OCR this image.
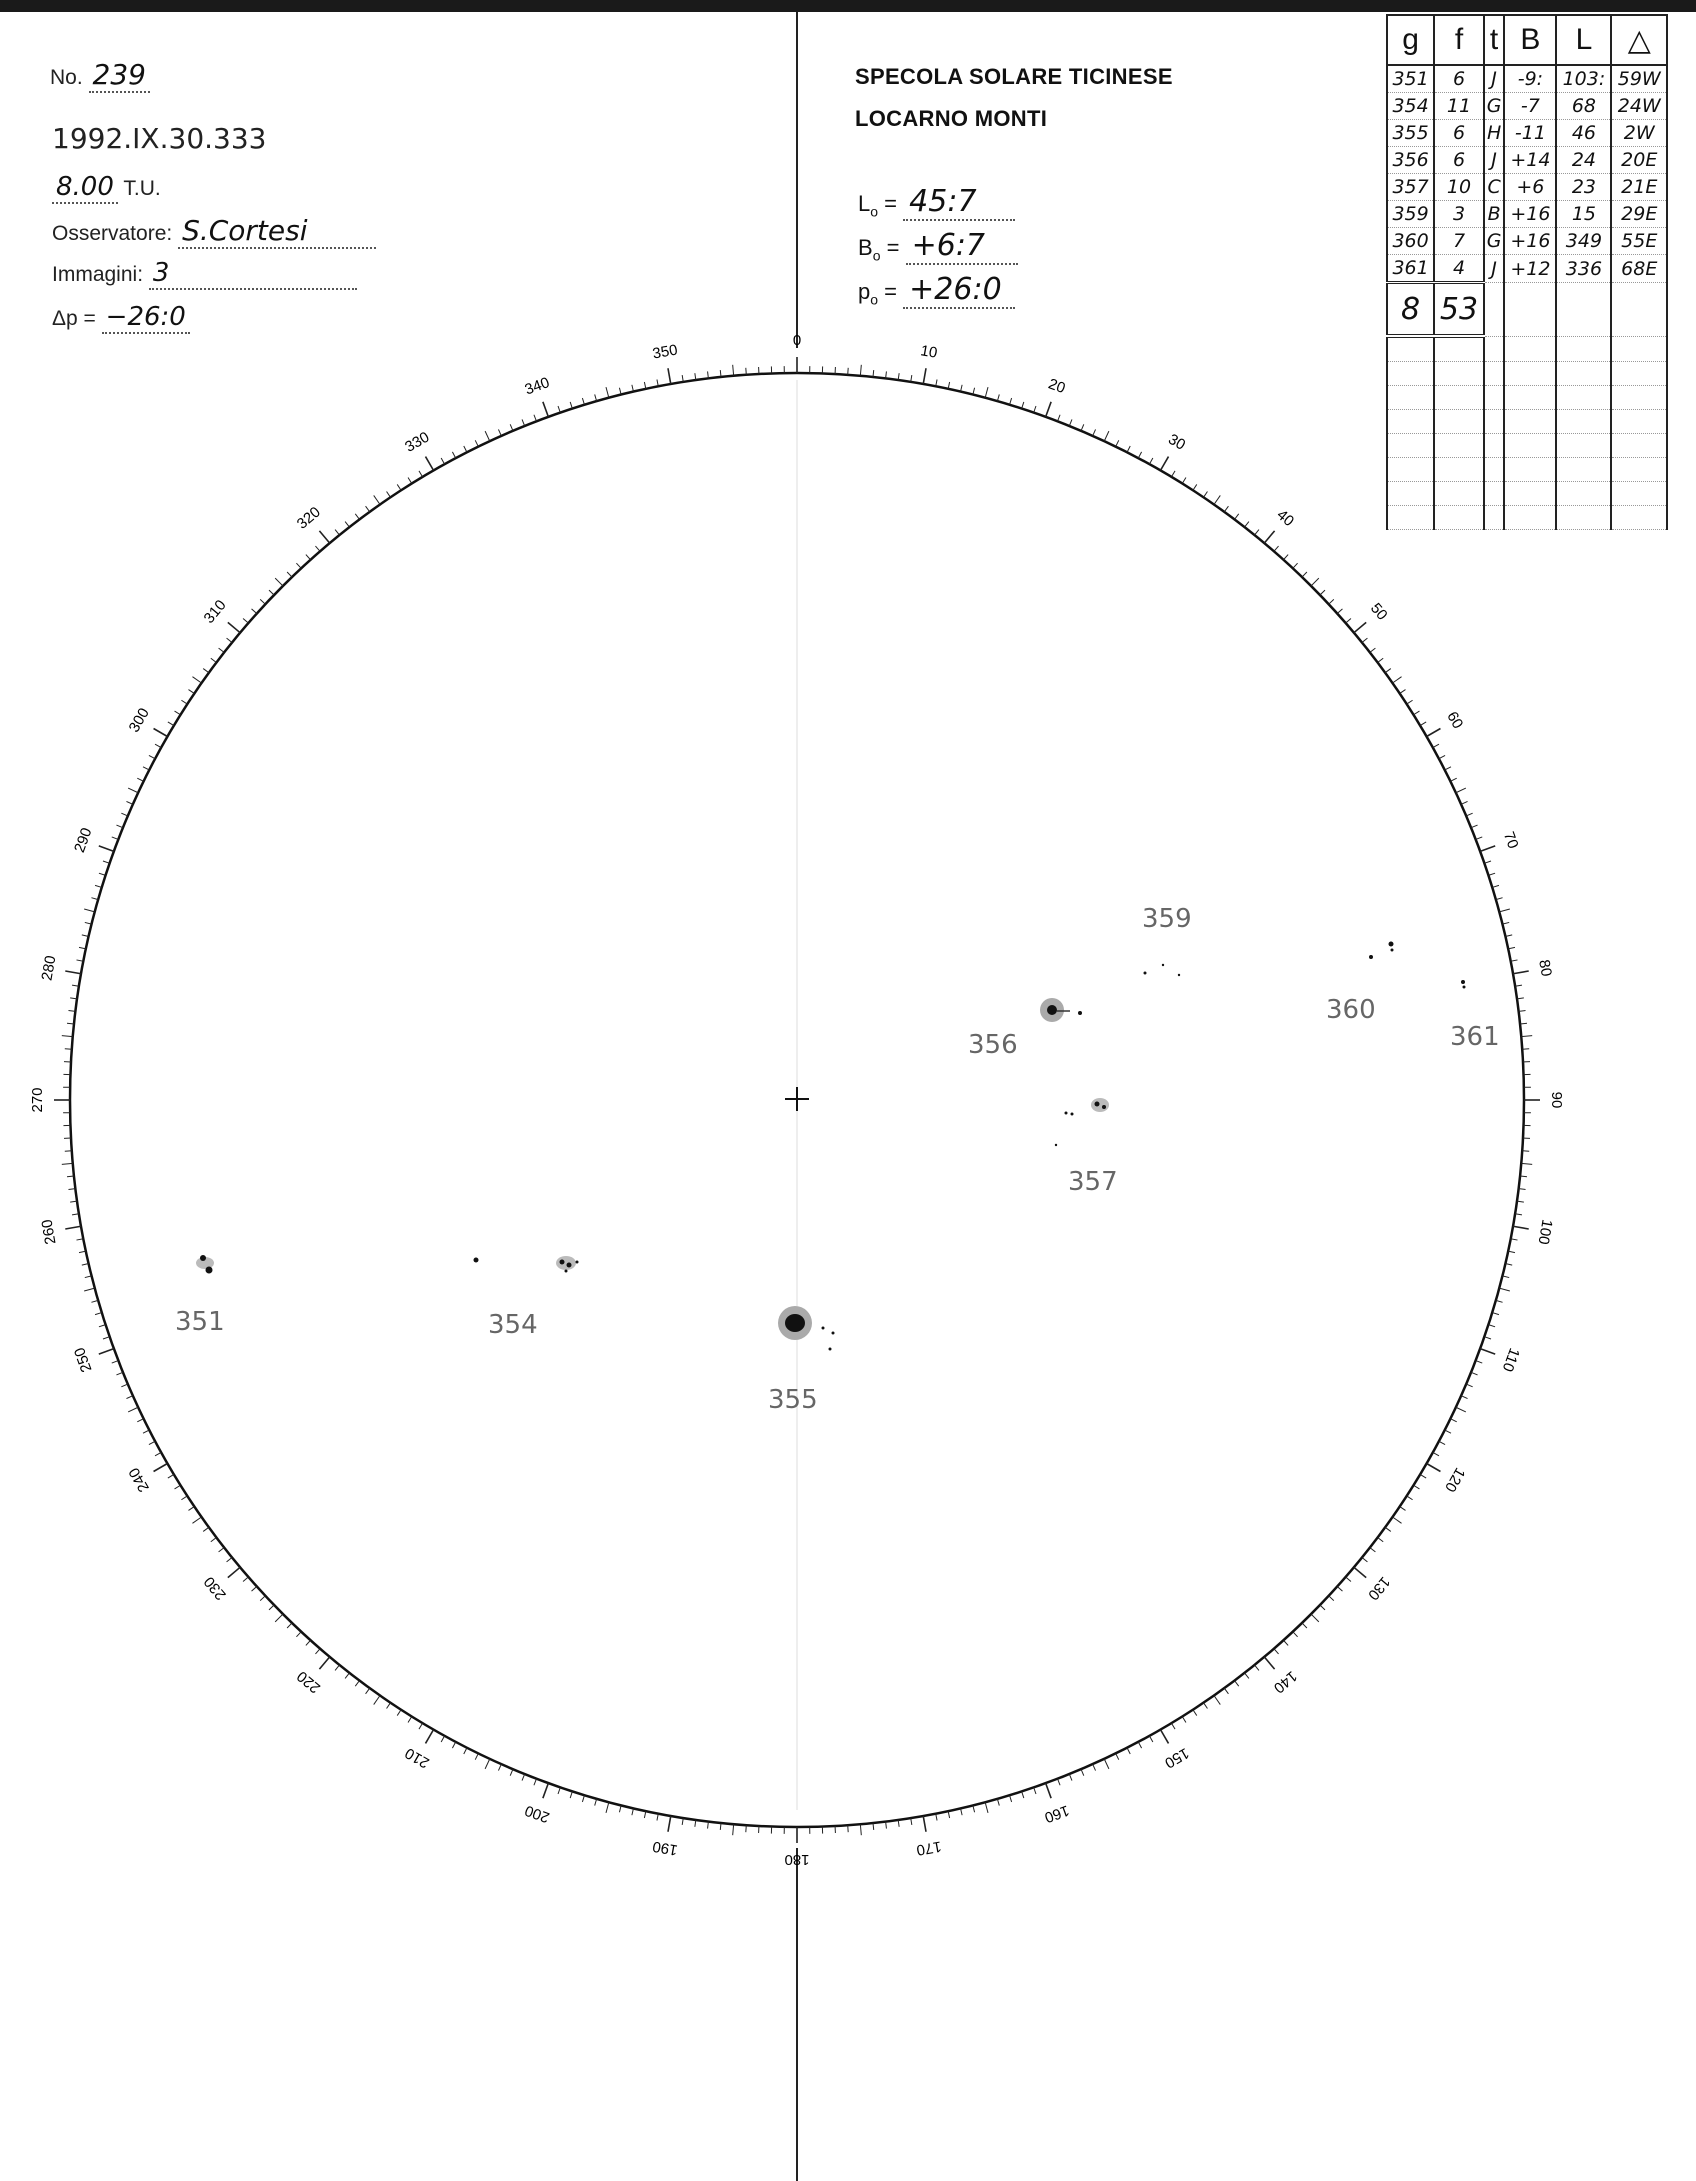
No. 239
1992.IX.30.333
8.00 T.U.
Osservatore: S.Cortesi
Immagini: 3
Δp = −26:0
SPECOLA SOLARE TICINESE
LOCARNO MONTI
$L_o$ = 45:7
$B_o$ = +6:7
$p_o$ = +26:0
g	f	t	B	L	△
351	6	J	-9:	103:	59W
354	11	G	-7	68	24W
355	6	H	-11	46	2W
356	6	J	+14	24	20E
357	10	C	+6	23	21E
359	3	B	+16	15	29E
360	7	G	+16	349	55E
361	4	J	+12	336	68E
8	53				

0
10
20
30
40
50
60
70
80
90
100
110
120
130
140
150
160
170
180
190
200
210
220
230
240
250
260
270
280
290
300
310
320
330
340
350
351	354
355
356
357
359
360
361
